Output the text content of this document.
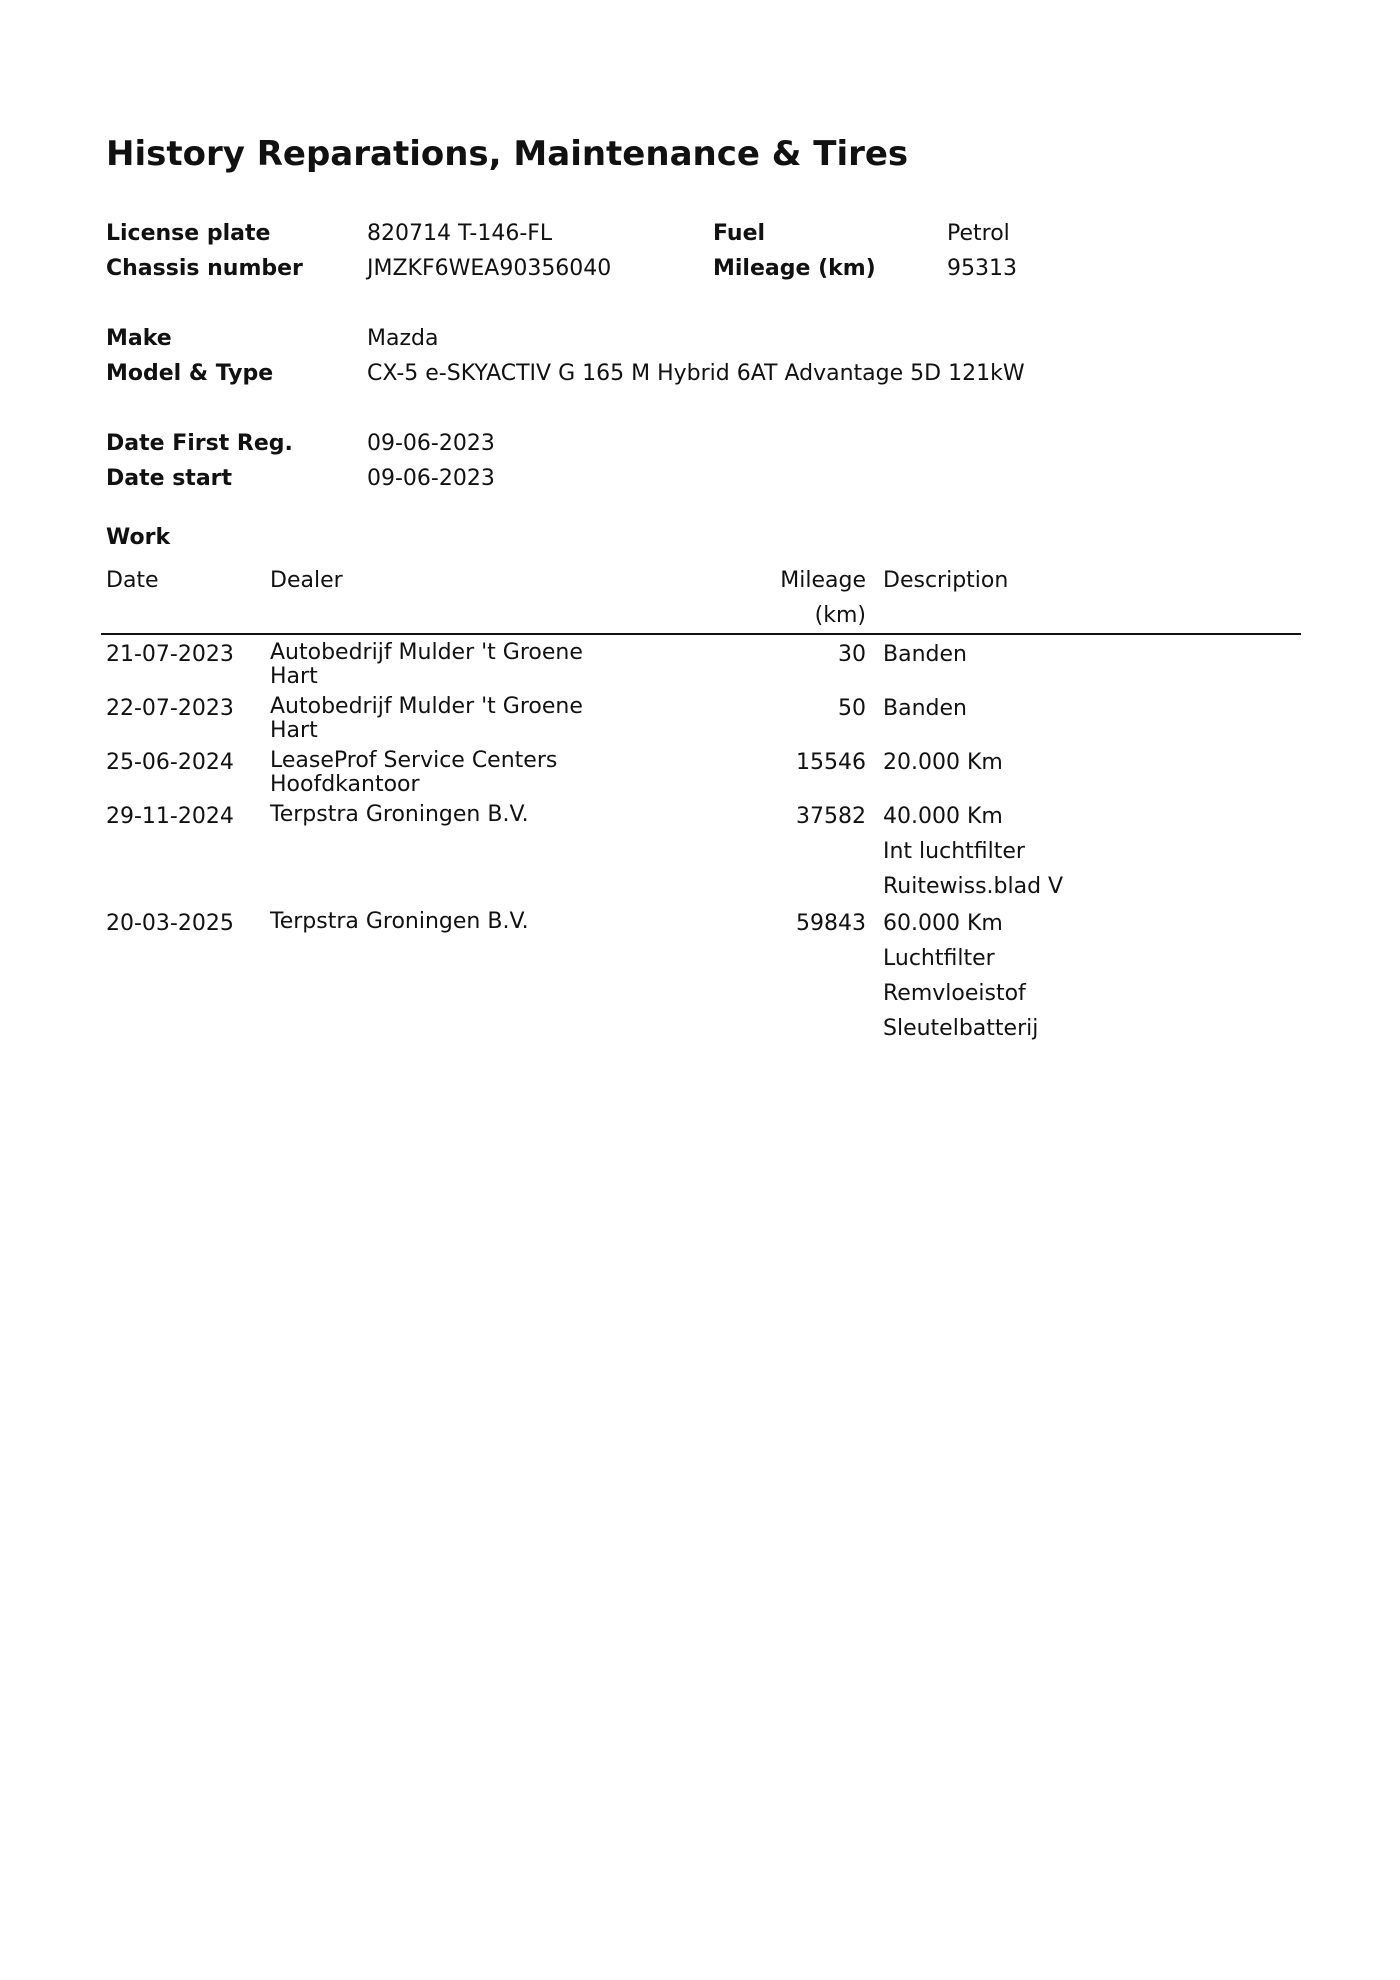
History Reparations, Maintenance & Tires
License plate	820714 T-146-FL	Fuel	Petrol
Chassis number	JMZKF6WEA90356040	Mileage (km)	95313
Make	Mazda
Model & Type	CX-5 e-SKYACTIV G 165 M Hybrid 6AT Advantage 5D 121kW
Date First Reg.	09-06-2023
Date start	09-06-2023
Work
Date	Dealer	Mileage (km)	Description

21-07-2023	Autobedrijf Mulder 't Groene Hart	30	Banden

22-07-2023	Autobedrijf Mulder 't Groene Hart	50	Banden

25-06-2024	LeaseProf Service Centers Hoofdkantoor	15546	20.000 Km

29-11-2024	Terpstra Groningen B.V.	37582	40.000 Km
Int luchtfilter
Ruitewiss.blad V

20-03-2025	Terpstra Groningen B.V.	59843	60.000 Km
Luchtfilter
Remvloeistof
Sleutelbatterij
